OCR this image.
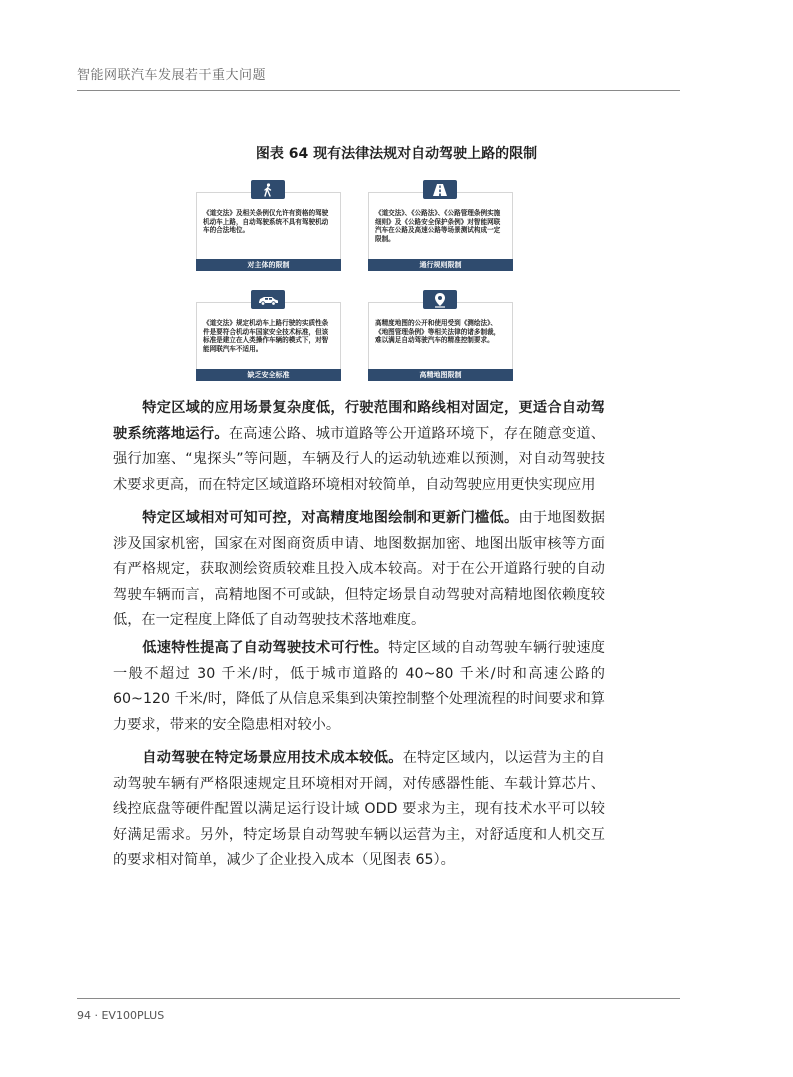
智能网联汽车发展若干重大问题
图表 64 现有法律法规对自动驾驶上路的限制
《道交法》及相关条例仅允许有资格的驾驶机动车上路，自动驾驶系统不具有驾驶机动车的合法地位。
对主体的限制
《道交法》、《公路法》、《公路管理条例实施细则》及《公路安全保护条例》对智能网联汽车在公路及高速公路等场景测试构成一定限制。
通行规则限制
《道交法》规定机动车上路行驶的实质性条件是要符合机动车国家安全技术标准，但该标准是建立在人类操作车辆的模式下，对智能网联汽车不适用。
缺乏安全标准
高精度地图的公开和使用受到《测绘法》、《地图管理条例》等相关法律的诸多制裁，难以满足自动驾驶汽车的精准控制要求。
高精地图限制

特定区域的应用场景复杂度低，行驶范围和路线相对固定，更适合自动驾驶系统落地运行。在高速公路、城市道路等公开道路环境下，存在随意变道、强行加塞、“鬼探头”等问题，车辆及行人的运动轨迹难以预测，对自动驾驶技术要求更高，而在特定区域道路环境相对较简单，自动驾驶应用更快实现应用

特定区域相对可知可控，对高精度地图绘制和更新门槛低。由于地图数据涉及国家机密，国家在对图商资质申请、地图数据加密、地图出版审核等方面有严格规定，获取测绘资质较难且投入成本较高。对于在公开道路行驶的自动驾驶车辆而言，高精地图不可或缺，但特定场景自动驾驶对高精地图依赖度较低，在一定程度上降低了自动驾驶技术落地难度。

低速特性提高了自动驾驶技术可行性。特定区域的自动驾驶车辆行驶速度一般不超过 30 千米/时，低于城市道路的 40~80 千米/时和高速公路的 60~120 千米/时，降低了从信息采集到决策控制整个处理流程的时间要求和算力要求，带来的安全隐患相对较小。

自动驾驶在特定场景应用技术成本较低。在特定区域内，以运营为主的自动驾驶车辆有严格限速规定且环境相对开阔，对传感器性能、车载计算芯片、线控底盘等硬件配置以满足运行设计域 ODD 要求为主，现有技术水平可以较好满足需求。另外，特定场景自动驾驶车辆以运营为主，对舒适度和人机交互的要求相对简单，减少了企业投入成本（见图表 65）。

94 · EV100PLUS
